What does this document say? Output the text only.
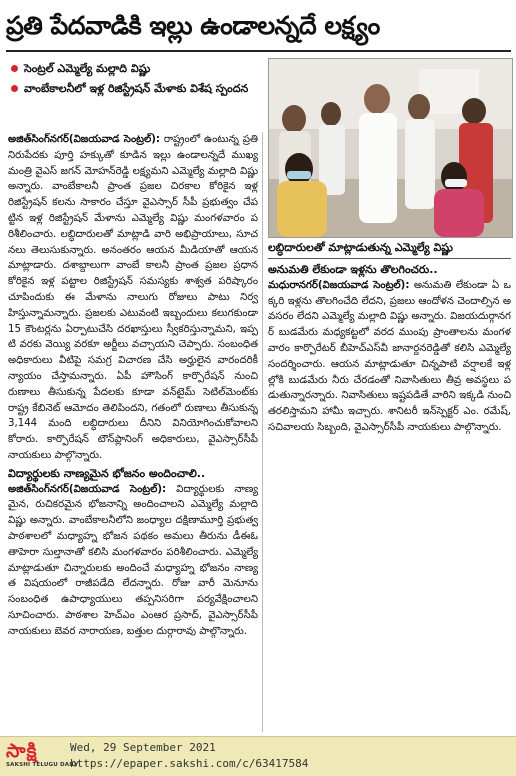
ప్రతి పేదవాడికి ఇల్లు ఉండాలన్నదే లక్ష్యం
సెంట్రల్ ఎమ్మెల్యే మల్లాది విష్ణు
వాంబేకాలనీలో ఇళ్ల రిజిస్ట్రేషన్ మేళాకు విశేష స్పందన
లబ్ధిదారులతో మాట్లాడుతున్న ఎమ్మెల్యే విష్ణు

అజిత్‌సింగ్‌నగర్(విజయవాడ సెంట్రల్): రాష్ట్రంలో ఉంటున్న ప్రతి నిరుపేదకు పూర్తి హక్కుతో కూడిన ఇల్లు ఉండాలన్నదే ముఖ్యమంత్రి వైఎస్ జగన్ మోహన్‌రెడ్డి లక్ష్యమని ఎమ్మెల్యే మల్లాది విష్ణు అన్నారు. వాంబేకాలనీ ప్రాంత ప్రజల చిరకాల కోరికైన ఇళ్ల రిజిస్ట్రేషన్ కలను సాకారం చేస్తూ వైఎస్సార్ సీపీ ప్రభుత్వం చేపట్టిన ఇళ్ల రిజిస్ట్రేషన్ మేళాను ఎమ్మెల్యే విష్ణు మంగళవారం పరిశీలించారు. లబ్ధిదారులతో మాట్లాడి వారి అభిప్రాయాలు, సూచనలు తెలుసుకున్నారు. అనంతరం ఆయన మీడియాతో ఆయన మాట్లాడారు. దశాబ్దాలుగా వాంబే కాలనీ ప్రాంత ప్రజల ప్రధాన కోరికైన ఇళ్ల పట్టాల రిజిస్ట్రేషన్ సమస్యకు శాశ్వత పరిష్కారం చూపిందుకు ఈ మేళాను నాలుగు రోజులు పాటు నిర్వహిస్తున్నామన్నారు. ప్రజలకు ఎటువంటి ఇబ్బందులు కలుగకుండా 15 కౌంటర్లను ఏర్పాటుచేసి దరఖాస్తులు స్వీకరిస్తున్నామని, ఇప్పటి వరకు వెయ్యి వరకూ అర్జీలు వచ్చాయని చెప్పారు. సంబంధిత అధికారులు వీటిపై సమగ్ర విచారణ చేసి అర్హులైన వారందరికీ న్యాయం చేస్తామన్నారు. ఏపీ హౌసింగ్ కార్పొరేషన్ నుంచి రుణాలు తీసుకున్న పేదలకు కూడా వన్‌టైమ్ సెటిల్‌మెంట్‌కు రాష్ట్ర కేబినెట్ ఆమోదం తెలిపిందని, గతంలో రుణాలు తీసుకున్న 3,144 మంది లబ్ధిదారులు దీనిని వినియోగించుకోవాలని కోరారు. కార్పొరేషన్ టౌన్‌ప్లానింగ్ అధికారులు, వైఎస్సార్‌సీపీ నాయకులు పాల్గొన్నారు.

విద్యార్థులకు నాణ్యమైన భోజనం అందించాలి..

అజిత్‌సింగ్‌నగర్(విజయవాడ సెంట్రల్): విద్యార్థులకు నాణ్యమైన, రుచికరమైన భోజనాన్ని అందించాలని ఎమ్మెల్యే మల్లాది విష్ణు అన్నారు. వాంబేకాలనీలోని జంధ్యాల దక్షిణామూర్తి ప్రభుత్వ పాఠశాలలో మధ్యాహ్న భోజన పథకం అమలు తీరును డీఈఓ తాహెరా సుల్తానాతో కలిసి మంగళవారం పరిశీలించారు. ఎమ్మెల్యే మాట్లాడుతూ చిన్నారులకు అందించే మధ్యాహ్న భోజనం నాణ్యత విషయంలో రాజీపడేది లేదన్నారు. రోజు వారీ మెనూను సంబంధిత ఉపాధ్యాయులు తప్పనిసరిగా పర్యవేక్షించాలని సూచించారు. పాఠశాల హెచ్ఎం ఎంఆర ప్రసాద్, వైఎస్సార్‌సీపీ నాయకులు బెవర నారాయణ, బత్తుల దుర్గారావు పాల్గొన్నారు.

అనుమతి లేకుండా ఇళ్లను తొలగించరు..

మధురానగర్(విజయవాడ సెంట్రల్): అనుమతి లేకుండా ఏ ఒక్కరి ఇళ్లను తొలగించేది లేదని, ప్రజలు ఆందోళన చెందాల్సిన అవసరం లేదని ఎమ్మెల్యే మల్లాది విష్ణు అన్నారు. విజయదుర్గానగర్ బుడమేరు మధ్యకట్టలో వరద ముంపు ప్రాంతాలను మంగళవారం కార్పొరేటర్ బీహెచ్‌ఎస్‌వీ జానార్దనరెడ్డితో కలిసి ఎమ్మెల్యే సందర్శించారు. ఆయన మాట్లాడుతూ చిన్నపాటి వర్షాలకే ఇళ్లల్లోకి బుడమేరు నీరు చేరడంతో నివాసితులు తీవ్ర అవస్థలు పడుతున్నారన్నారు. నివాసితులు ఇష్టపడితే వారిని ఇక్కడి నుంచి తరలిస్తామని హామీ ఇచ్చారు. శానిటరీ ఇన్‌స్పెక్టర్ ఎం. రమేష్, సచివాలయ సిబ్బంది, వైఎస్సార్‌సీపీ నాయకులు పాల్గొన్నారు.

సాక్షి
SAKSHI TELUGU DAILY
Wed, 29 September 2021
https://epaper.sakshi.com/c/63417584
